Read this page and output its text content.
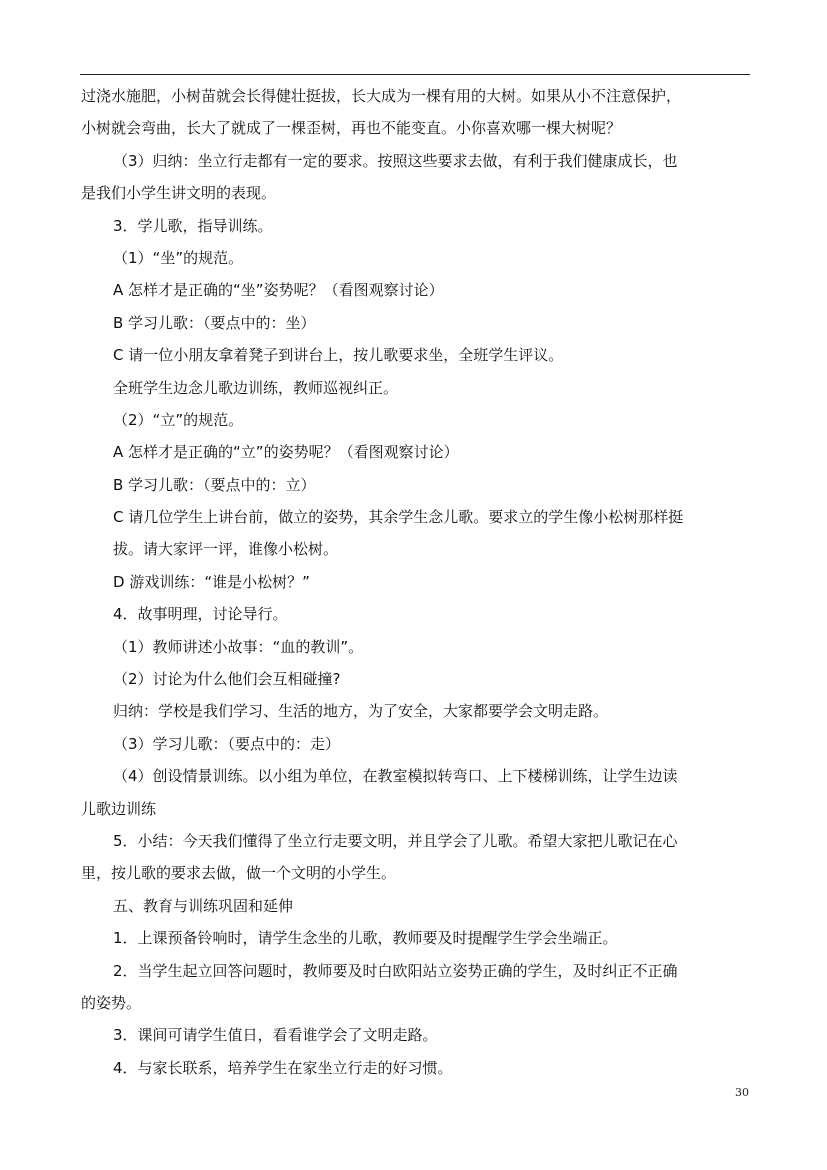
过浇水施肥，小树苗就会长得健壮挺拔，长大成为一棵有用的大树。如果从小不注意保护，
小树就会弯曲，长大了就成了一棵歪树，再也不能变直。小你喜欢哪一棵大树呢？
（3）归纳：坐立行走都有一定的要求。按照这些要求去做，有利于我们健康成长，也
是我们小学生讲文明的表现。
3．学儿歌，指导训练。
（1）“坐”的规范。
A 怎样才是正确的“坐”姿势呢？（看图观察讨论）
B 学习儿歌：（要点中的：坐）
C 请一位小朋友拿着凳子到讲台上，按儿歌要求坐，全班学生评议。
全班学生边念儿歌边训练，教师巡视纠正。
（2）“立”的规范。
A 怎样才是正确的“立”的姿势呢？（看图观察讨论）
B 学习儿歌：（要点中的：立）
C 请几位学生上讲台前，做立的姿势，其余学生念儿歌。要求立的学生像小松树那样挺
拔。请大家评一评，谁像小松树。
D 游戏训练：“谁是小松树？”
4．故事明理，讨论导行。
（1）教师讲述小故事：“血的教训”。
（2）讨论为什么他们会互相碰撞?
归纳：学校是我们学习、生活的地方，为了安全，大家都要学会文明走路。
（3）学习儿歌：（要点中的：走）
（4）创设情景训练。以小组为单位，在教室模拟转弯口、上下楼梯训练，让学生边读
儿歌边训练
5．小结：今天我们懂得了坐立行走要文明，并且学会了儿歌。希望大家把儿歌记在心
里，按儿歌的要求去做，做一个文明的小学生。
五、教育与训练巩固和延伸
1．上课预备铃响时，请学生念坐的儿歌，教师要及时提醒学生学会坐端正。
2．当学生起立回答问题时，教师要及时白欧阳站立姿势正确的学生，及时纠正不正确
的姿势。
3．课间可请学生值日，看看谁学会了文明走路。
4．与家长联系，培养学生在家坐立行走的好习惯。
30
